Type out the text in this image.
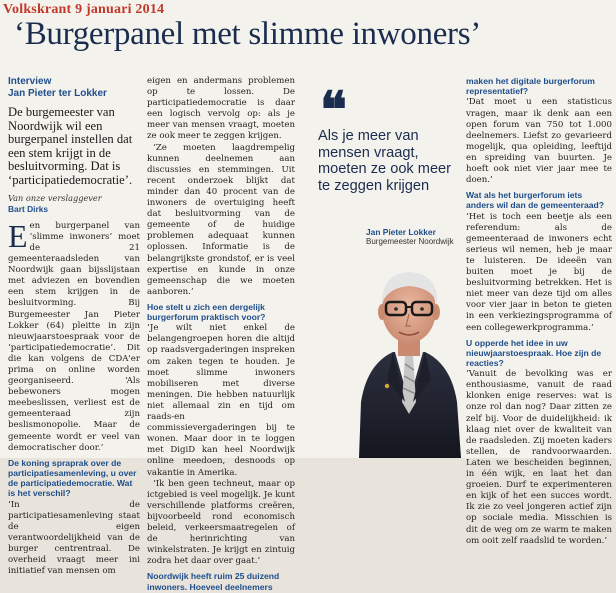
Volkskrant 9 januari 2014
‘Burgerpanel met slimme inwoners’

Interview

Jan Pieter ter Lokker

De burgemeester van Noordwijk wil een burgerpanel instellen dat een stem krijgt in de besluitvorming. Dat is ‘participatiedemocratie’.

Van onze verslaggever

Bart Dirks

Een burgerpanel van ‘slimme inwoners’ moet de 21 gemeenteraadsleden van Noordwijk gaan bijsslijstaan met adviezen en bovendien een stem krijgen in de besluitvorming. Bij Burgemeester Jan Pieter Lokker (64) pleitte in zijn nieuwjaarstoespraak voor de ‘participatiedemocratie’. Dit die kan volgens de CDA'er prima on online worden georganiseerd. ‘Als bebewoners mogen meebeslissen, verliest est de gemeenteraad zijn beslismonopolie. Maar de gemeente wordt er veel van democratischer door.’

De koning spraprak over de participatiesamenleving, u over de participatiedemocratie. Wat is het verschil?

‘In de participatiesamenleving staat de eigen verantwoordelijkheid van de burger centrentraal. De overheid vraagt meer ini initiatief van mensen om

eigen en andermans problemen op te lossen. De participatiedemocratie is daar een logisch vervolg op: als je meer van mensen vraagt, moeten ze ook meer te zeggen krijgen.

‘Ze moeten laagdrempelig kunnen deelnemen aan discussies en stemmingen. Uit recent onderzoek blijkt dat minder dan 40 procent van de inwoners de overtuiging heeft dat besluitvorming van de gemeente of de huidige problemen adequaat kunnen oplossen. Informatie is de belangrijkste grondstof, er is veel expertise en kunde in onze gemeenschap die we moeten aanboren.’

Hoe stelt u zich een dergelijk burgerforum praktisch voor?

‘Je wilt niet enkel de belangengroepen horen die altijd op raadsvergaderingen inspreken om zaken tegen te houden. Je moet slimme inwoners mobiliseren met diverse meningen. Die hebben natuurlijk niet allemaal zin en tijd om raads-en commissievergaderingen bij te wonen. Maar door in te loggen met DigiD kan heel Noordwijk online meedoen, desnoods op vakantie in Amerika.

‘Ik ben geen techneut, maar op ictgebied is veel mogelijk. Je kunt verschillende platforms creëren, bijvoorbeeld rond economisch beleid, verkeersmaatregelen of de herinrichting van winkelstraten. Je krijgt en zintuig zodra het daar over gaat.’

Noordwijk heeft ruim 25 duizend inwoners. Hoeveel deelnemers

❝
Als je meer van mensen vraagt, moeten ze ook meer te zeggen krijgen
Jan Pieter Lokker
Burgemeester Noordwijk

maken het digitale burgerforum representatief?

‘Dat moet u een statisticus vragen, maar ik denk aan een open forum van 750 tot 1.000 deelnemers. Liefst zo gevarieerd mogelijk, qua opleiding, leeftijd en spreiding van buurten. Je hoeft ook niet vier jaar mee te doen.’

Wat als het burgerforum iets anders wil dan de gemeenteraad?

‘Het is toch een beetje als een referendum: als de gemeenteraad de inwoners echt serieus wil nemen, heb je maar te luisteren. De ideeën van buiten moet je bij de besluitvorming betrekken. Het is niet meer van deze tijd om alles voor vier jaar in beton te gieten in een verkiezingsprogramma of een collegewerkprogramma.’

U opperde het idee in uw nieuwjaarstoespraak. Hoe zijn de reacties?

‘Vanuit de bevolking was er enthousiasme, vanuit de raad klonken enige reserves: wat is onze rol dan nog? Daar zitten ze zelf bij. Voor de duidelijkheid: ik klaag niet over de kwaliteit van de raadsleden. Zij moeten kaders stellen, de randvoorwaarden. Laten we bescheiden beginnen, in één wijk, en laat het dan groeien. Durf te experimenteren en kijk of het een succes wordt. Ik zie zo veel jongeren actief zijn op sociale media. Misschien is dit de weg om ze warm te maken om ooit zelf raadslid te worden.’
